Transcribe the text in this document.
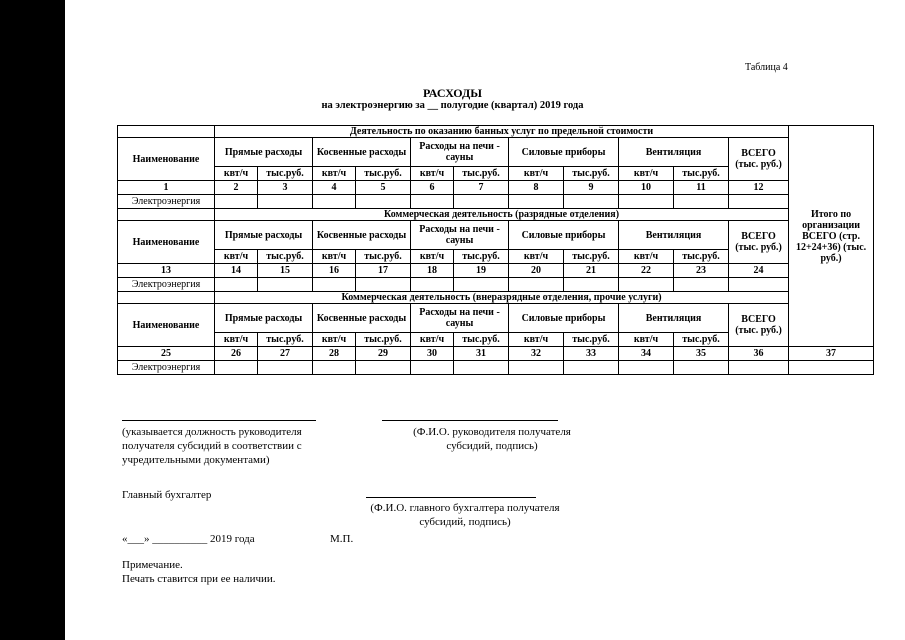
Таблица 4
РАСХОДЫ
на электроэнергию за __ полугодие (квартал) 2019 года
	Деятельность по оказанию банных услуг по предельной стоимости											Итого по организации ВСЕГО (стр. 12+24+36) (тыс. руб.)
Наименование	Прямые расходы		Косвенные расходы		Расходы на печи - сауны		Силовые приборы		Вентиляция		ВСЕГО (тыс. руб.)	
	квт/ч	тыс.руб.	квт/ч	тыс.руб.	квт/ч	тыс.руб.	квт/ч	тыс.руб.	квт/ч	тыс.руб.		
1	2	3	4	5	6	7	8	9	10	11	12	
Электроэнергия												
	Коммерческая деятельность (разрядные отделения)											
Наименование	Прямые расходы		Косвенные расходы		Расходы на печи - сауны		Силовые приборы		Вентиляция		ВСЕГО (тыс. руб.)	
	квт/ч	тыс.руб.	квт/ч	тыс.руб.	квт/ч	тыс.руб.	квт/ч	тыс.руб.	квт/ч	тыс.руб.		
13	14	15	16	17	18	19	20	21	22	23	24	
Электроэнергия												
	Коммерческая деятельность (внеразрядные отделения, прочие услуги)											
Наименование	Прямые расходы		Косвенные расходы		Расходы на печи - сауны		Силовые приборы		Вентиляция		ВСЕГО (тыс. руб.)	
	квт/ч	тыс.руб.	квт/ч	тыс.руб.	квт/ч	тыс.руб.	квт/ч	тыс.руб.	квт/ч	тыс.руб.		
25	26	27	28	29	30	31	32	33	34	35	36	37
Электроэнергия												
(указывается должность руководителя получателя субсидий в соответствии с учредительными документами)
(Ф.И.О. руководителя получателя субсидий, подпись)
Главный бухгалтер
(Ф.И.О. главного бухгалтера получателя субсидий, подпись)
«___» __________ 2019 года	М.П.
Примечание.
Печать ставится при ее наличии.
